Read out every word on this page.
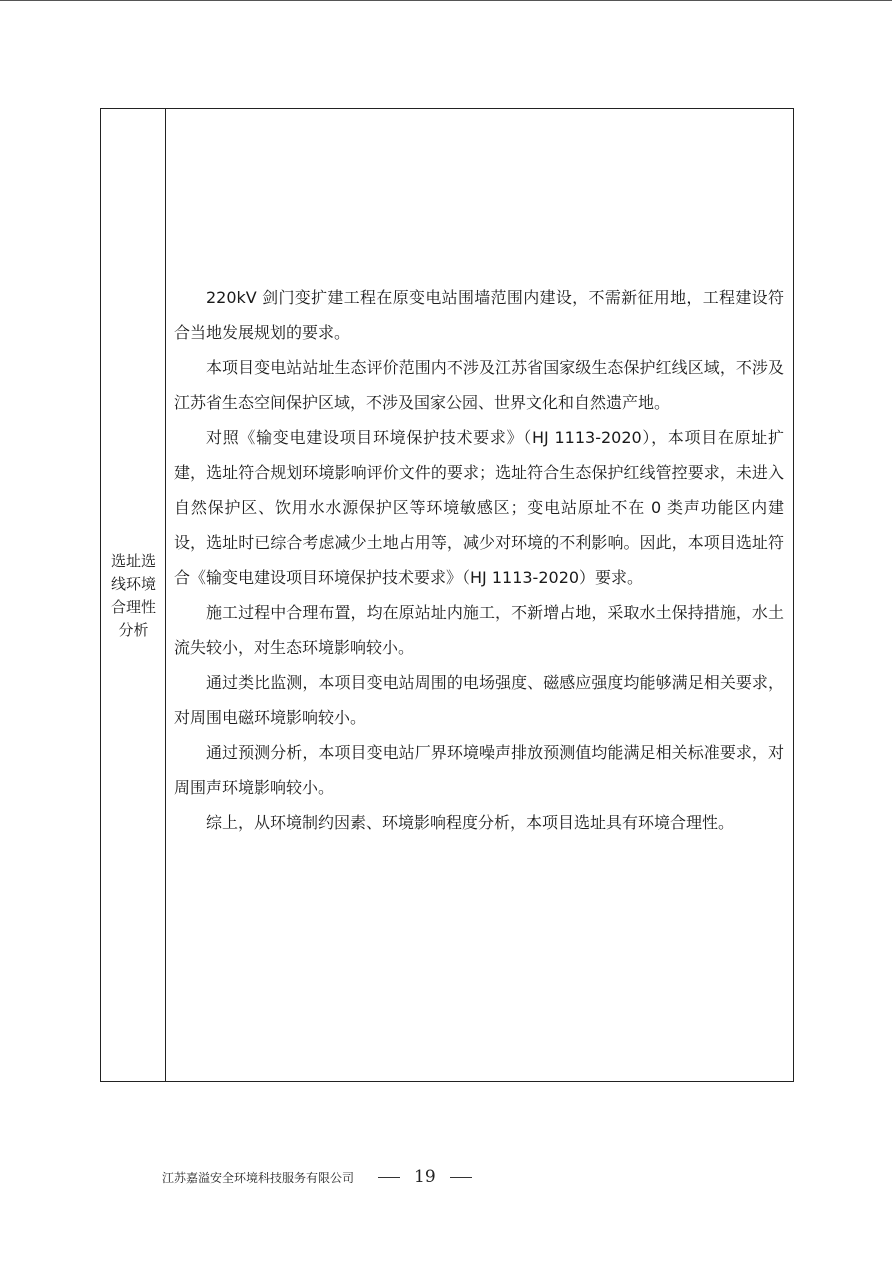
选址选
线环境
合理性
分析

220kV 剑门变扩建工程在原变电站围墙范围内建设，不需新征用地，工程建设符合当地发展规划的要求。

本项目变电站站址生态评价范围内不涉及江苏省国家级生态保护红线区域，不涉及江苏省生态空间保护区域，不涉及国家公园、世界文化和自然遗产地。

对照《输变电建设项目环境保护技术要求》（HJ 1113-2020），本项目在原址扩建，选址符合规划环境影响评价文件的要求；选址符合生态保护红线管控要求，未进入自然保护区、饮用水水源保护区等环境敏感区；变电站原址不在 0 类声功能区内建设，选址时已综合考虑减少土地占用等，减少对环境的不利影响。因此，本项目选址符合《输变电建设项目环境保护技术要求》（HJ 1113-2020）要求。

施工过程中合理布置，均在原站址内施工，不新增占地，采取水土保持措施，水土流失较小，对生态环境影响较小。

通过类比监测，本项目变电站周围的电场强度、磁感应强度均能够满足相关要求，对周围电磁环境影响较小。

通过预测分析，本项目变电站厂界环境噪声排放预测值均能满足相关标准要求，对周围声环境影响较小。

综上，从环境制约因素、环境影响程度分析，本项目选址具有环境合理性。

江苏嘉溢安全环境科技服务有限公司	19
